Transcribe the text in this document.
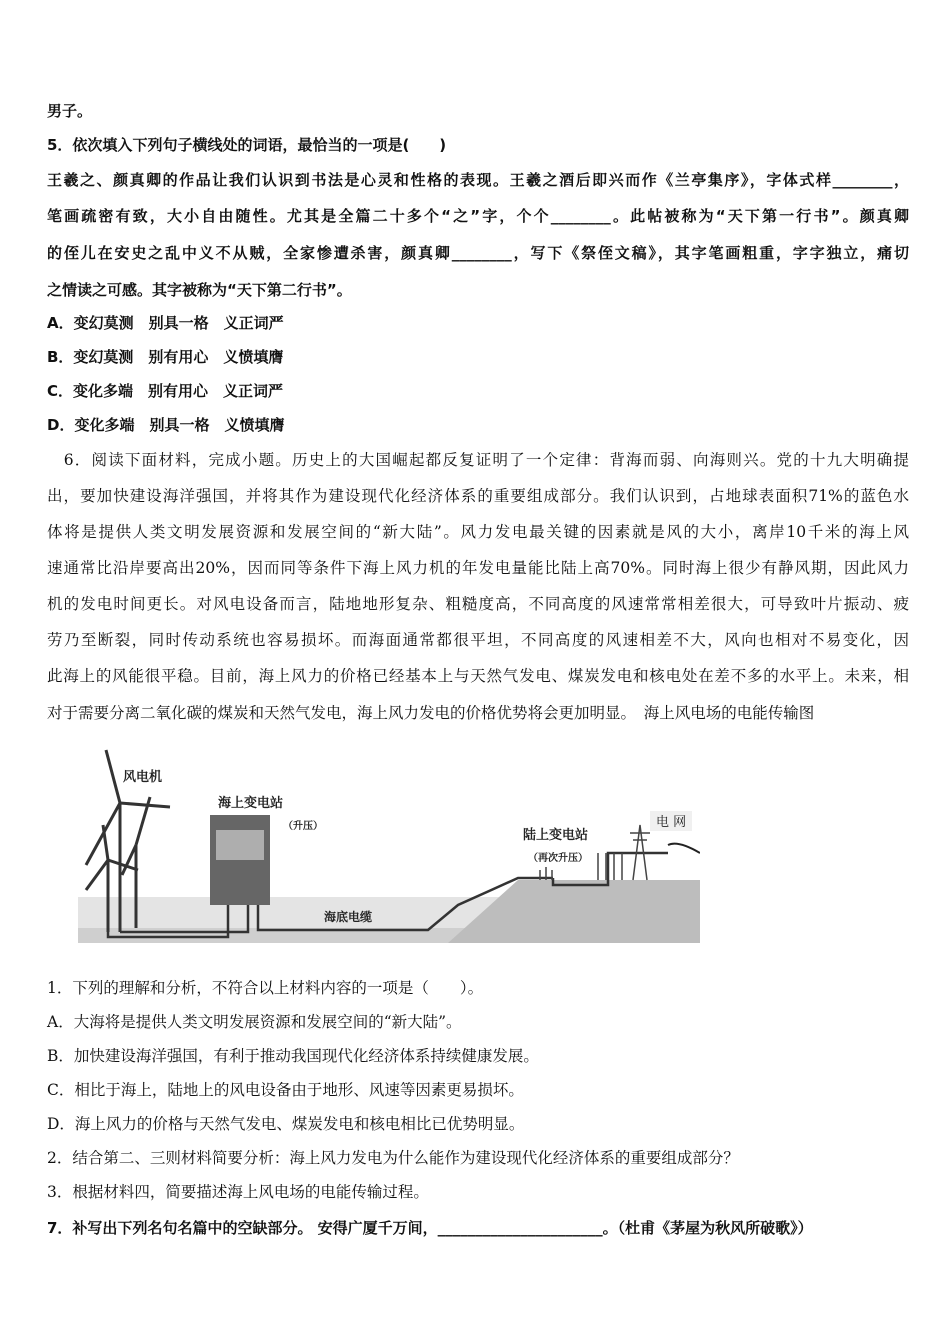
男子。
5．依次填入下列句子横线处的词语，最恰当的一项是(　　)
王羲之、颜真卿的作品让我们认识到书法是心灵和性格的表现。王羲之酒后即兴而作《兰亭集序》，字体式样________，
笔画疏密有致，大小自由随性。尤其是全篇二十多个“之”字，个个________。此帖被称为“天下第一行书”。颜真卿
的侄儿在安史之乱中义不从贼，全家惨遭杀害，颜真卿________，写下《祭侄文稿》，其字笔画粗重，字字独立，痛切
之情读之可感。其字被称为“天下第二行书”。
A．变幻莫测　别具一格　义正词严
B．变幻莫测　别有用心　义愤填膺
C．变化多端　别有用心　义正词严
D．变化多端　别具一格　义愤填膺
　6．阅读下面材料，完成小题。历史上的大国崛起都反复证明了一个定律：背海而弱、向海则兴。党的十九大明确提
出，要加快建设海洋强国，并将其作为建设现代化经济体系的重要组成部分。我们认识到，占地球表面积71%的蓝色水
体将是提供人类文明发展资源和发展空间的“新大陆”。风力发电最关键的因素就是风的大小，离岸10千米的海上风
速通常比沿岸要高出20%，因而同等条件下海上风力机的年发电量能比陆上高70%。同时海上很少有静风期，因此风力
机的发电时间更长。对风电设备而言，陆地地形复杂、粗糙度高，不同高度的风速常常相差很大，可导致叶片振动、疲
劳乃至断裂，同时传动系统也容易损坏。而海面通常都很平坦，不同高度的风速相差不大，风向也相对不易变化，因
此海上的风能很平稳。目前，海上风力的价格已经基本上与天然气发电、煤炭发电和核电处在差不多的水平上。未来，相
对于需要分离二氧化碳的煤炭和天然气发电，海上风力发电的价格优势将会更加明显。　海上风电场的电能传输图
风电机
海上变电站
（升压）
海底电缆
陆上变电站
（再次升压）
电 网
1．下列的理解和分析，不符合以上材料内容的一项是（　　）。
A．大海将是提供人类文明发展资源和发展空间的“新大陆”。
B．加快建设海洋强国，有利于推动我国现代化经济体系持续健康发展。
C．相比于海上，陆地上的风电设备由于地形、风速等因素更易损坏。
D．海上风力的价格与天然气发电、煤炭发电和核电相比已优势明显。
2．结合第二、三则材料简要分析：海上风力发电为什么能作为建设现代化经济体系的重要组成部分？
3．根据材料四，简要描述海上风电场的电能传输过程。
7．补写出下列名句名篇中的空缺部分。 安得广厦千万间，______________________。（杜甫《茅屋为秋风所破歌》）
